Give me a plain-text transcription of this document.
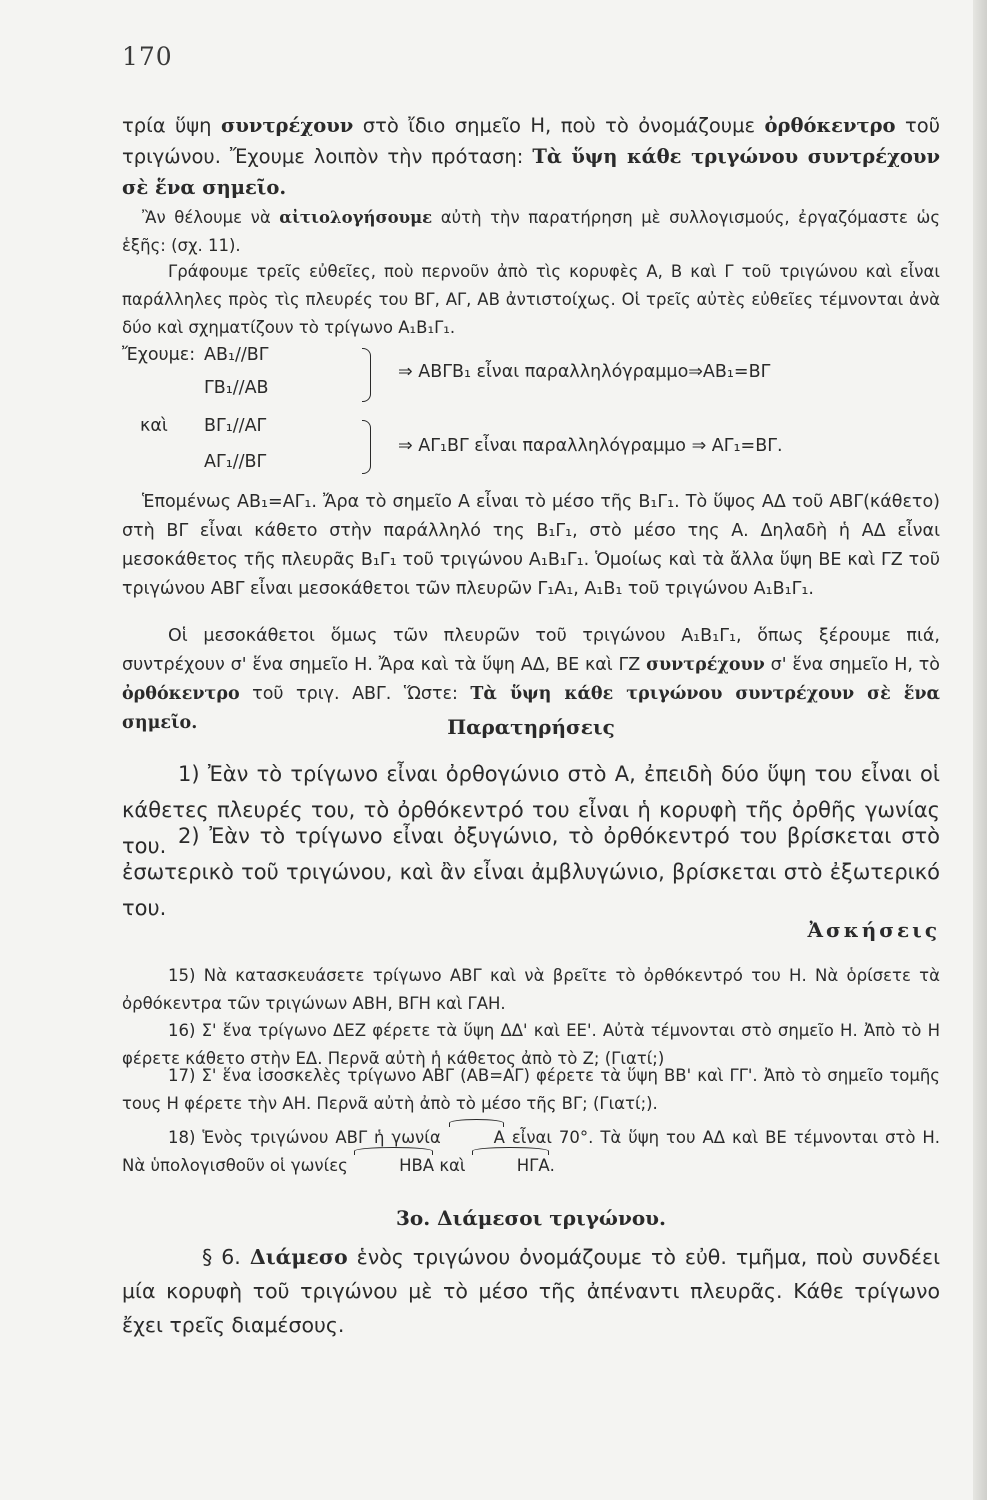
170

τρία ὕψη συντρέχουν στὸ ἴδιο σημεῖο Η, ποὺ τὸ ὀνομάζουμε ὀρθόκεντρο τοῦ τριγώνου. Ἔχουμε λοιπὸν τὴν πρόταση: Τὰ ὕψη κάθε τριγώνου συντρέχουν σὲ ἕνα σημεῖο.

Ἂν θέλουμε νὰ αἰτιολογήσουμε αὐτὴ τὴν παρατήρηση μὲ συλλογισμούς, ἐργαζόμαστε ὡς ἑξῆς: (σχ. 11).

Γράφουμε τρεῖς εὐθεῖες, ποὺ περνοῦν ἀπὸ τὶς κορυφὲς Α, Β καὶ Γ τοῦ τριγώνου καὶ εἶναι παράλληλες πρὸς τὶς πλευρές του ΒΓ, ΑΓ, ΑΒ ἀντιστοίχως. Οἱ τρεῖς αὐτὲς εὐθεῖες τέμνονται ἀνὰ δύο καὶ σχηματίζουν τὸ τρίγωνο Α₁Β₁Γ₁.

Ἔχουμε: ΑΒ₁//ΒΓ
ΓΒ₁//ΑΒ
⇒ ΑΒΓΒ₁ εἶναι παραλληλόγραμμο⇒ΑΒ₁=ΒΓ
καὶ ΒΓ₁//ΑΓ
ΑΓ₁//ΒΓ
⇒ ΑΓ₁ΒΓ εἶναι παραλληλόγραμμο ⇒ ΑΓ₁=ΒΓ.

Ἑπομένως ΑΒ₁=ΑΓ₁. Ἄρα τὸ σημεῖο Α εἶναι τὸ μέσο τῆς Β₁Γ₁. Τὸ ὕψος ΑΔ τοῦ ΑΒΓ(κάθετο) στὴ ΒΓ εἶναι κάθετο στὴν παράλληλό της Β₁Γ₁, στὸ μέσο της Α. Δηλαδὴ ἡ ΑΔ εἶναι μεσοκάθετος τῆς πλευρᾶς Β₁Γ₁ τοῦ τριγώνου Α₁Β₁Γ₁. Ὁμοίως καὶ τὰ ἄλλα ὕψη ΒΕ καὶ ΓΖ τοῦ τριγώνου ΑΒΓ εἶναι μεσοκάθετοι τῶν πλευρῶν Γ₁Α₁, Α₁Β₁ τοῦ τριγώνου Α₁Β₁Γ₁.

Οἱ μεσοκάθετοι ὅμως τῶν πλευρῶν τοῦ τριγώνου Α₁Β₁Γ₁, ὅπως ξέρουμε πιά, συντρέχουν σ' ἕνα σημεῖο Η. Ἄρα καὶ τὰ ὕψη ΑΔ, ΒΕ καὶ ΓΖ συντρέχουν σ' ἕνα σημεῖο Η, τὸ ὀρθόκεντρο τοῦ τριγ. ΑΒΓ. Ὥστε: Τὰ ὕψη κάθε τριγώνου συντρέχουν σὲ ἕνα σημεῖο.	Παρατηρήσεις

1) Ἐὰν τὸ τρίγωνο εἶναι ὀρθογώνιο στὸ Α, ἐπειδὴ δύο ὕψη του εἶναι οἱ κάθετες πλευρές του, τὸ ὀρθόκεντρό του εἶναι ἡ κορυφὴ τῆς ὀρθῆς γωνίας του. 2) Ἐὰν τὸ τρίγωνο εἶναι ὀξυγώνιο, τὸ ὀρθόκεντρό του βρίσκεται στὸ ἐσωτερικὸ τοῦ τριγώνου, καὶ ἂν εἶναι ἀμβλυγώνιο, βρίσκεται στὸ ἐξωτερικό του.

Ἀσκήσεις

15) Νὰ κατασκευάσετε τρίγωνο ΑΒΓ καὶ νὰ βρεῖτε τὸ ὀρθόκεντρό του Η. Νὰ ὁρίσετε τὰ ὀρθόκεντρα τῶν τριγώνων ΑΒΗ, ΒΓΗ καὶ ΓΑΗ.

16) Σ' ἕνα τρίγωνο ΔΕΖ φέρετε τὰ ὕψη ΔΔ' καὶ ΕΕ'. Αὐτὰ τέμνονται στὸ σημεῖο Η. Ἀπὸ τὸ Η φέρετε κάθετο στὴν ΕΔ. Περνᾶ αὐτὴ ἡ κάθετος ἀπὸ τὸ Ζ; (Γιατί;)

17) Σ' ἕνα ἰσοσκελὲς τρίγωνο ΑΒΓ (ΑΒ=ΑΓ) φέρετε τὰ ὕψη ΒΒ' καὶ ΓΓ'. Ἀπὸ τὸ σημεῖο τομῆς τους Η φέρετε τὴν ΑΗ. Περνᾶ αὐτὴ ἀπὸ τὸ μέσο τῆς ΒΓ; (Γιατί;).

18) Ἑνὸς τριγώνου ΑΒΓ ἡ γωνία	Α εἶναι 70°. Τὰ ὕψη του ΑΔ καὶ ΒΕ τέμνονται στὸ Η. Νὰ ὑπολογισθοῦν οἱ γωνίες	ΗΒΑ καὶ	ΗΓΑ.

3ο. Διάμεσοι τριγώνου.

§ 6. Διάμεσο ἑνὸς τριγώνου ὀνομάζουμε τὸ εὐθ. τμῆμα, ποὺ συνδέει μία κορυφὴ τοῦ τριγώνου μὲ τὸ μέσο τῆς ἀπέναντι πλευρᾶς. Κάθε τρίγωνο ἔχει τρεῖς διαμέσους.
